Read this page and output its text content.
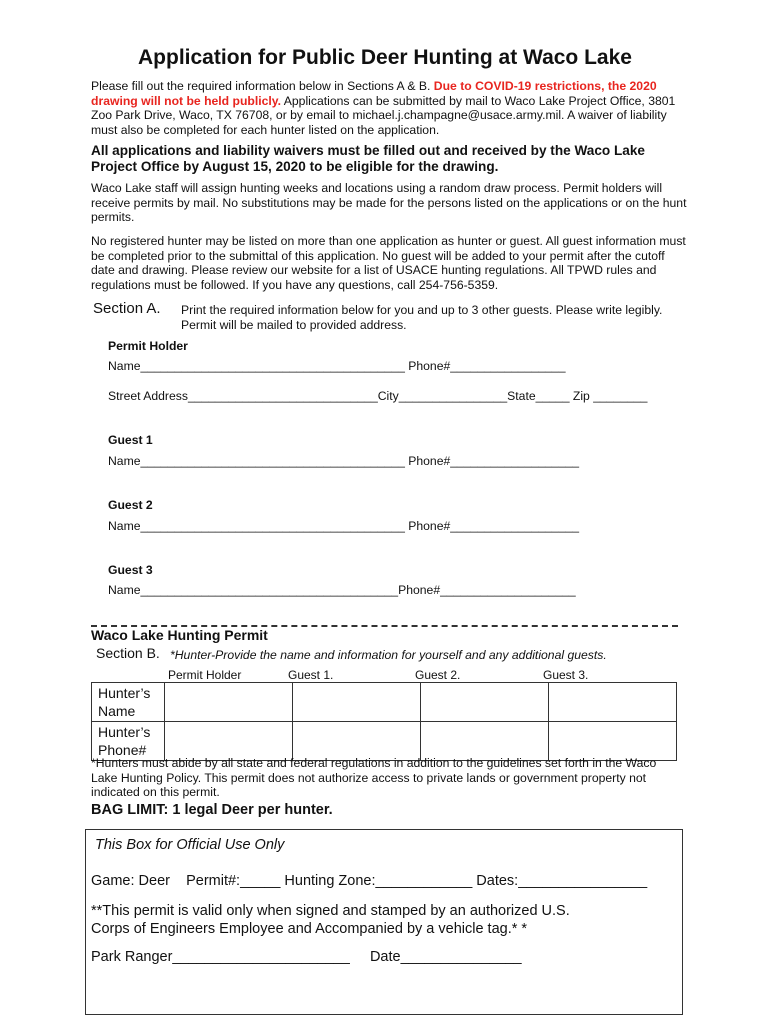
Application for Public Deer Hunting at Waco Lake
Please fill out the required information below in Sections A & B. Due to COVID-19 restrictions, the 2020 drawing will not be held publicly. Applications can be submitted by mail to Waco Lake Project Office, 3801 Zoo Park Drive, Waco, TX 76708, or by email to michael.j.champagne@usace.army.mil. A waiver of liability must also be completed for each hunter listed on the application.
All applications and liability waivers must be filled out and received by the Waco Lake Project Office by August 15, 2020 to be eligible for the drawing.
Waco Lake staff will assign hunting weeks and locations using a random draw process. Permit holders will receive permits by mail. No substitutions may be made for the persons listed on the applications or on the hunt permits.
No registered hunter may be listed on more than one application as hunter or guest. All guest information must be completed prior to the submittal of this application. No guest will be added to your permit after the cutoff date and drawing. Please review our website for a list of USACE hunting regulations. All TPWD rules and regulations must be followed. If you have any questions, call 254-756-5359.
Section A. Print the required information below for you and up to 3 other guests. Please write legibly. Permit will be mailed to provided address.
Permit Holder
Name_______________________________________ Phone#_________________
Street Address____________________________City________________State_____ Zip ________
Guest 1
Name_______________________________________ Phone#___________________
Guest 2
Name_______________________________________ Phone#___________________
Guest 3
Name______________________________________Phone#____________________
Waco Lake Hunting Permit
Section B. *Hunter-Provide the name and information for yourself and any additional guests.
Permit Holder	Guest 1.	Guest 2.	Guest 3.
Hunter’s Name				
Hunter’s Phone#				
*Hunters must abide by all state and federal regulations in addition to the guidelines set forth in the Waco Lake Hunting Policy. This permit does not authorize access to private lands or government property not indicated on this permit.
BAG LIMIT: 1 legal Deer per hunter.
This Box for Official Use Only
Game: Deer    Permit#:_____ Hunting Zone:____________ Dates:________________
**This permit is valid only when signed and stamped by an authorized U.S. Corps of Engineers Employee and Accompanied by a vehicle tag.* *
Park Ranger______________________     Date_______________
